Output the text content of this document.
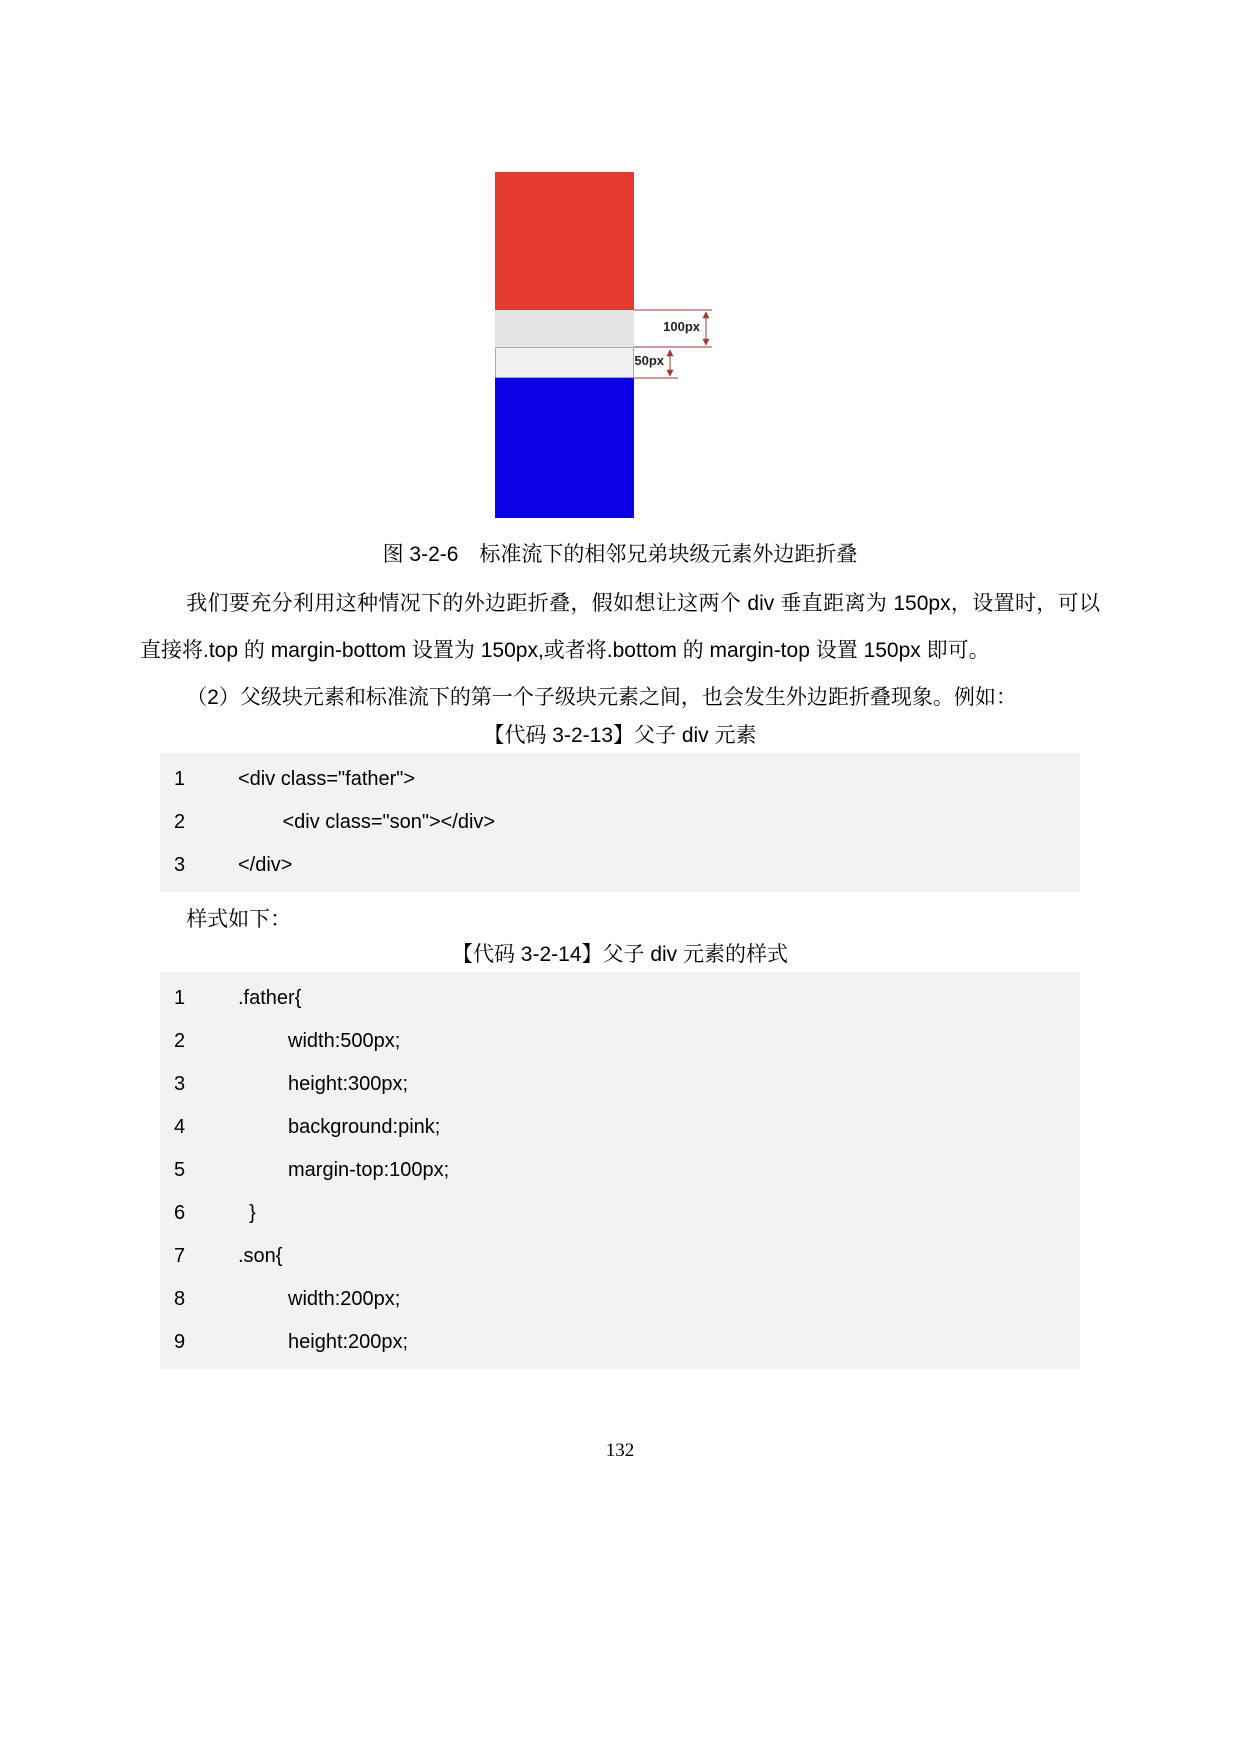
100px
50px
图 3-2-6　标准流下的相邻兄弟块级元素外边距折叠

我们要充分利用这种情况下的外边距折叠，假如想让这两个 div 垂直距离为 150px，设置时，可以直接将.top 的 margin-bottom 设置为 150px,或者将.bottom 的 margin-top 设置 150px 即可。

（2）父级块元素和标准流下的第一个子级块元素之间，也会发生外边距折叠现象。例如：

【代码 3-2-13】父子 div 元素
1	<div class="father">
2	<div class="son"></div>
3	</div>

样式如下：

【代码 3-2-14】父子 div 元素的样式
1	.father{
2	width:500px;
3	height:300px;
4	background:pink;
5	margin-top:100px;
6	}
7	.son{
8	width:200px;
9	height:200px;
132
